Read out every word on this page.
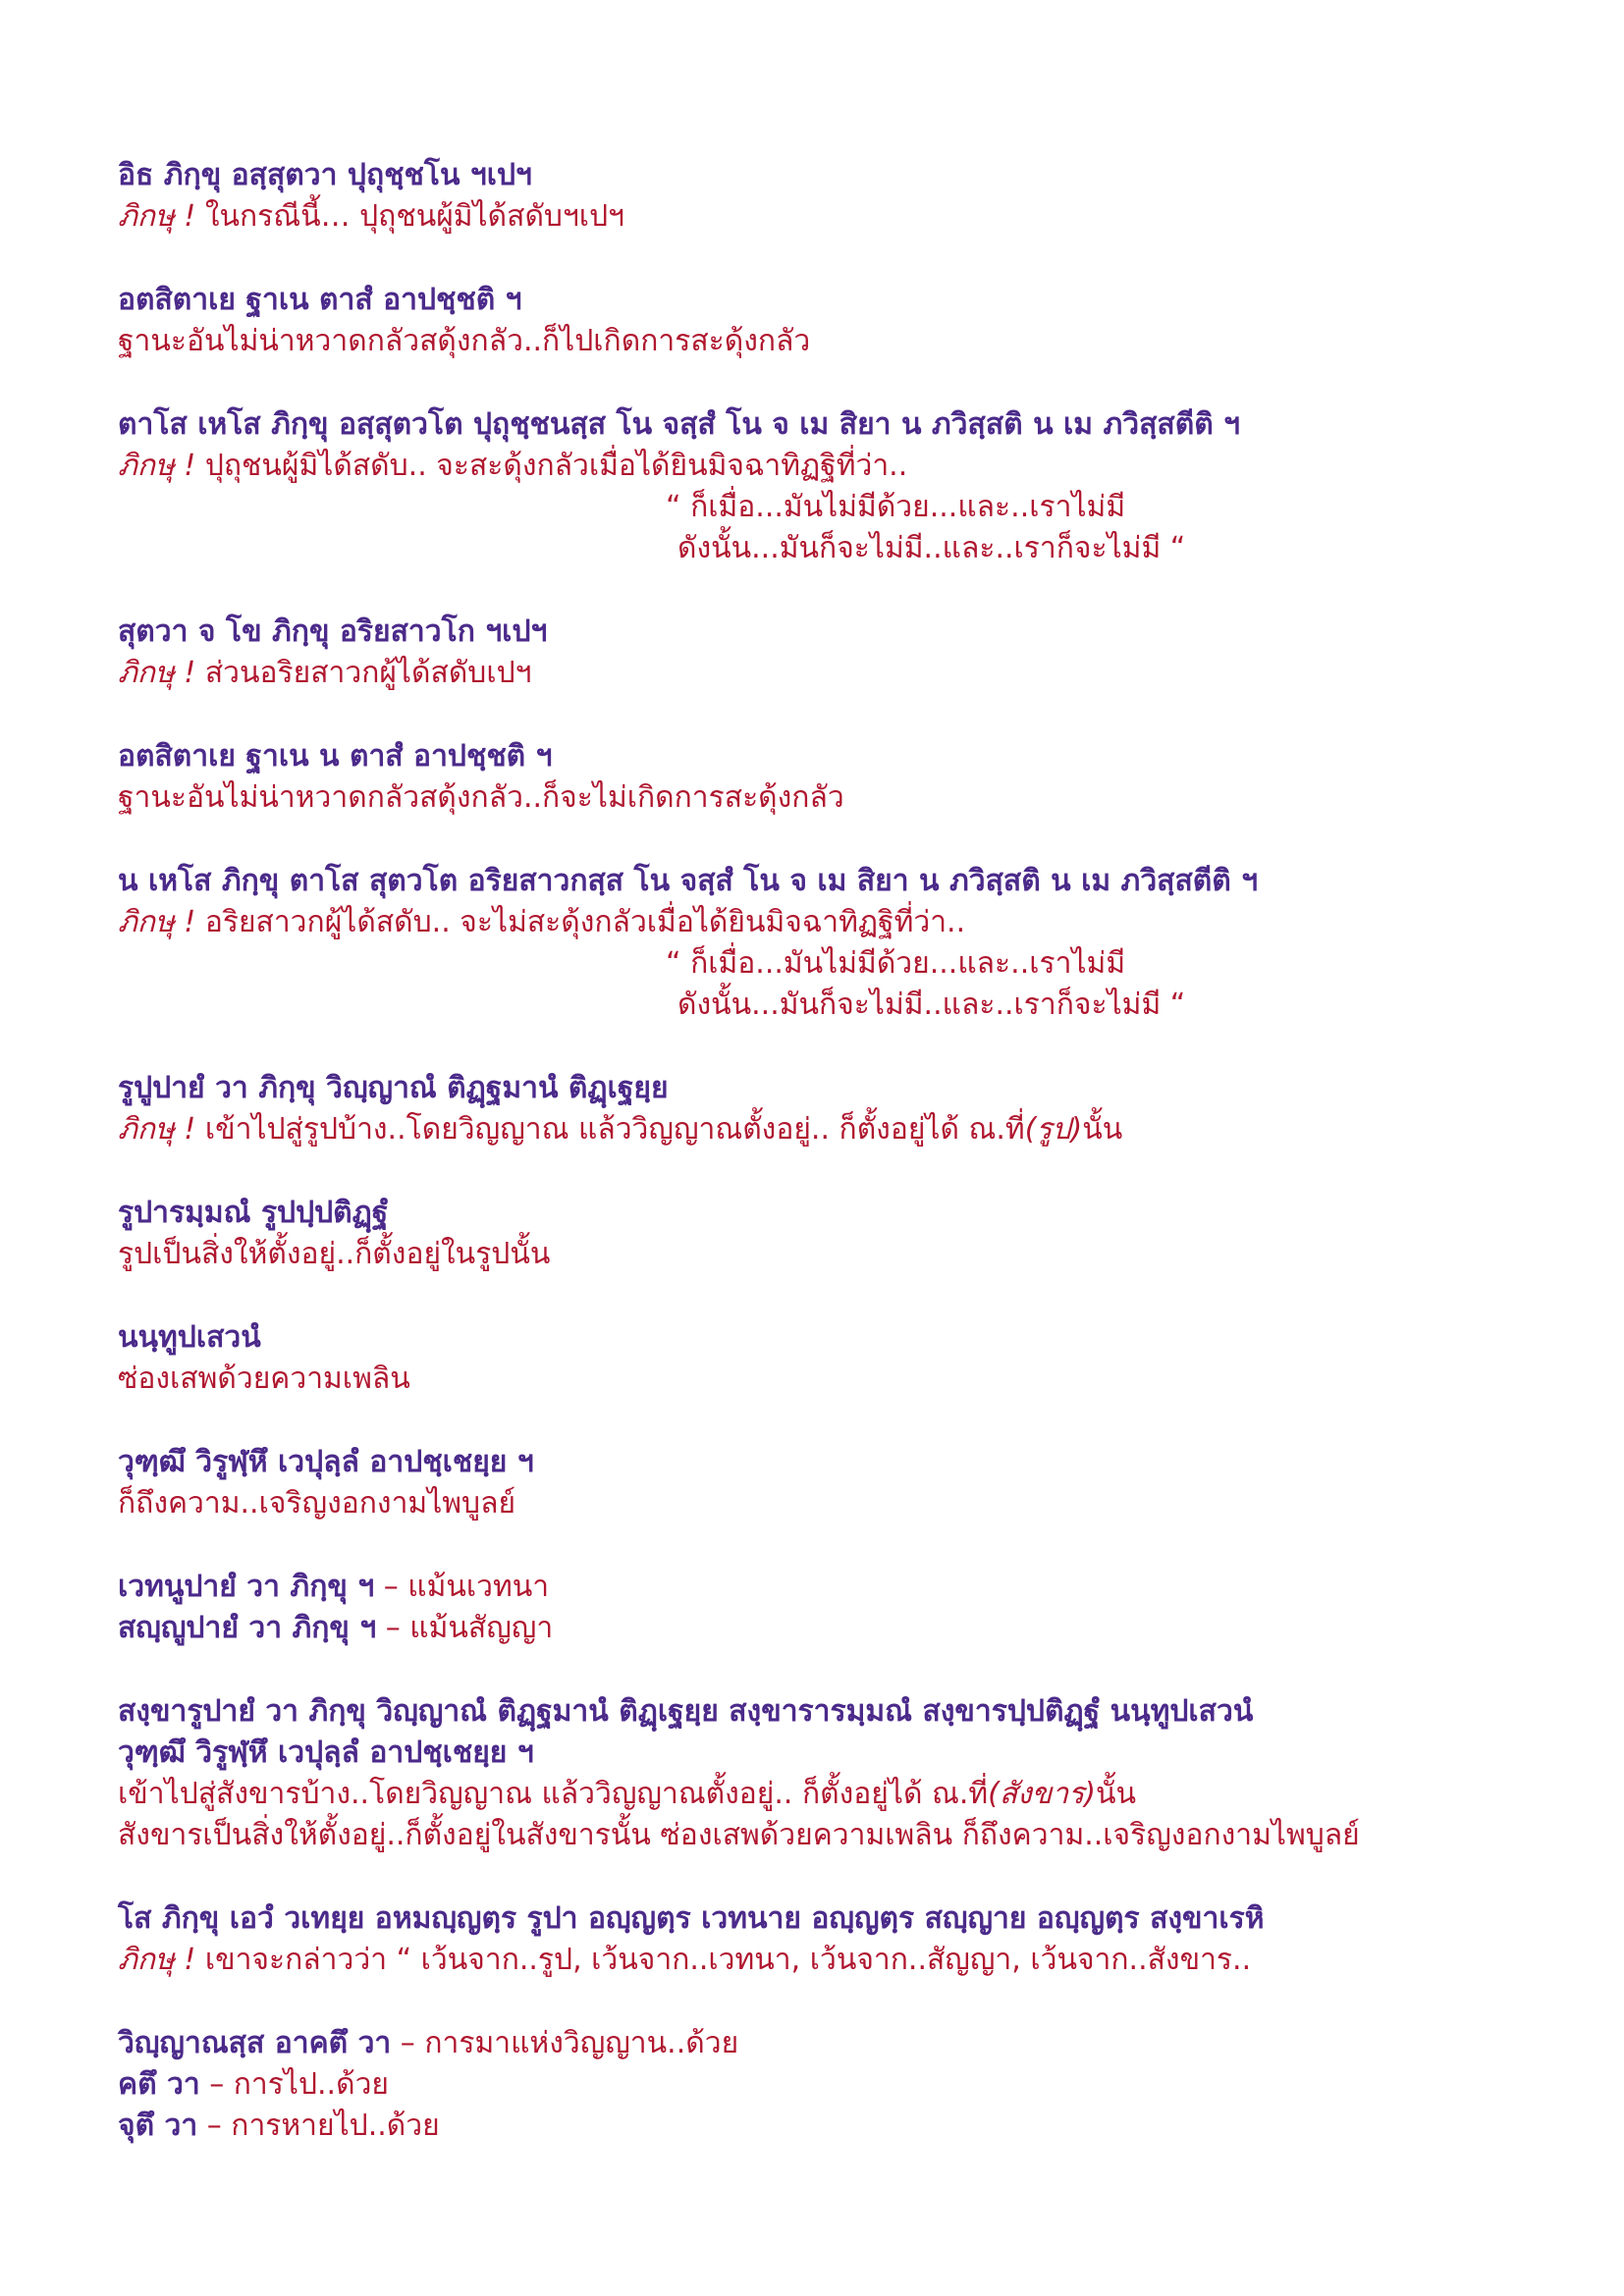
อิธ ภิกฺขุ อสฺสุตวา ปุถุชฺชโน ฯเปฯ
ภิกษุ ! ในกรณีนี้… ปุถุชนผู้มิได้สดับฯเปฯ
อตสิตาเย ฐาเน ตาสํ อาปชฺชติ ฯ
ฐานะอันไม่น่าหวาดกลัวสดุ้งกลัว..ก็ไปเกิดการสะดุ้งกลัว
ตาโส เหโส ภิกฺขุ อสฺสุตวโต ปุถุชฺชนสฺส โน จสฺสํ โน จ เม สิยา น ภวิสฺสติ น เม ภวิสฺสตีติ ฯ
ภิกษุ ! ปุถุชนผู้มิได้สดับ.. จะสะดุ้งกลัวเมื่อได้ยินมิจฉาทิฏฐิที่ว่า..
“ ก็เมื่อ...มันไม่มีด้วย...และ..เราไม่มี
ดังนั้น...มันก็จะไม่มี..และ..เราก็จะไม่มี “
สุตวา จ โข ภิกฺขุ อริยสาวโก ฯเปฯ
ภิกษุ ! ส่วนอริยสาวกผู้ได้สดับเปฯ
อตสิตาเย ฐาเน น ตาสํ อาปชฺชติ ฯ
ฐานะอันไม่น่าหวาดกลัวสดุ้งกลัว..ก็จะไม่เกิดการสะดุ้งกลัว
น เหโส ภิกฺขุ ตาโส สุตวโต อริยสาวกสฺส โน จสฺสํ โน จ เม สิยา น ภวิสฺสติ น เม ภวิสฺสตีติ ฯ
ภิกษุ ! อริยสาวกผู้ได้สดับ.. จะไม่สะดุ้งกลัวเมื่อได้ยินมิจฉาทิฏฐิที่ว่า..
“ ก็เมื่อ...มันไม่มีด้วย...และ..เราไม่มี
ดังนั้น...มันก็จะไม่มี..และ..เราก็จะไม่มี “
รูปูปายํ วา ภิกฺขุ วิญฺญาณํ ติฏฺฐมานํ ติฏฺเฐยฺย
ภิกษุ ! เข้าไปสู่รูปบ้าง..โดยวิญญาณ แล้ววิญญาณตั้งอยู่.. ก็ตั้งอยู่ได้ ณ.ที่(รูป)นั้น
รูปารมฺมณํ รูปปฺปติฏฺฐํ
รูปเป็นสิ่งให้ตั้งอยู่..ก็ตั้งอยู่ในรูปนั้น
นนฺทูปเสวนํ
ซ่องเสพด้วยความเพลิน
วุฑฺฒึ วิรูฬฺหึ เวปุลฺลํ อาปชฺเชยฺย ฯ
ก็ถึงความ..เจริญงอกงามไพบูลย์
เวทนูปายํ วา ภิกฺขุ ฯ – แม้นเวทนา
สญฺญูปายํ วา ภิกฺขุ ฯ – แม้นสัญญา
สงฺขารูปายํ วา ภิกฺขุ วิญฺญาณํ ติฏฺฐมานํ ติฏฺเฐยฺย สงฺขารารมฺมณํ สงฺขารปฺปติฏฺฐํ นนฺทูปเสวนํ
วุฑฺฒึ วิรูฬฺหึ เวปุลฺลํ อาปชฺเชยฺย ฯ
เข้าไปสู่สังขารบ้าง..โดยวิญญาณ แล้ววิญญาณตั้งอยู่.. ก็ตั้งอยู่ได้ ณ.ที่(สังขาร)นั้น
สังขารเป็นสิ่งให้ตั้งอยู่..ก็ตั้งอยู่ในสังขารนั้น ซ่องเสพด้วยความเพลิน ก็ถึงความ..เจริญงอกงามไพบูลย์
โส ภิกฺขุ เอวํ วเทยฺย อหมญฺญตฺร รูปา อญฺญตฺร เวทนาย อญฺญตฺร สญฺญาย อญฺญตฺร สงฺขาเรหิ
ภิกษุ ! เขาจะกล่าวว่า “ เว้นจาก..รูป, เว้นจาก..เวทนา, เว้นจาก..สัญญา, เว้นจาก..สังขาร..
วิญฺญาณสฺส อาคตึ วา – การมาแห่งวิญญาน..ด้วย
คตึ วา – การไป..ด้วย
จุตึ วา – การหายไป..ด้วย
